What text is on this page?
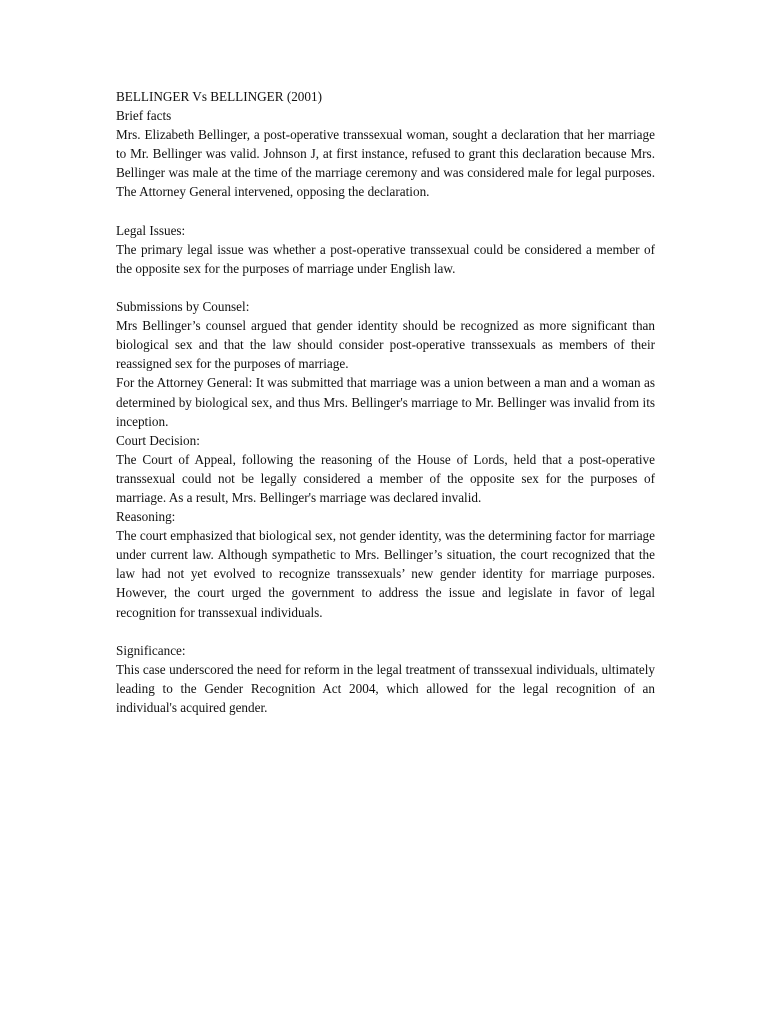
BELLINGER Vs BELLINGER (2001)

Brief facts

Mrs. Elizabeth Bellinger, a post-operative transsexual woman, sought a declaration that her marriage to Mr. Bellinger was valid. Johnson J, at first instance, refused to grant this declaration because Mrs. Bellinger was male at the time of the marriage ceremony and was considered male for legal purposes. The Attorney General intervened, opposing the declaration.

Legal Issues:

The primary legal issue was whether a post-operative transsexual could be considered a member of the opposite sex for the purposes of marriage under English law.

Submissions by Counsel:

Mrs Bellinger’s counsel argued that gender identity should be recognized as more significant than biological sex and that the law should consider post-operative transsexuals as members of their reassigned sex for the purposes of marriage.

For the Attorney General: It was submitted that marriage was a union between a man and a woman as determined by biological sex, and thus Mrs. Bellinger's marriage to Mr. Bellinger was invalid from its inception.

Court Decision:

The Court of Appeal, following the reasoning of the House of Lords, held that a post-operative transsexual could not be legally considered a member of the opposite sex for the purposes of marriage. As a result, Mrs. Bellinger's marriage was declared invalid.

Reasoning:

The court emphasized that biological sex, not gender identity, was the determining factor for marriage under current law. Although sympathetic to Mrs. Bellinger’s situation, the court recognized that the law had not yet evolved to recognize transsexuals’ new gender identity for marriage purposes. However, the court urged the government to address the issue and legislate in favor of legal recognition for transsexual individuals.

Significance:

This case underscored the need for reform in the legal treatment of transsexual individuals, ultimately leading to the Gender Recognition Act 2004, which allowed for the legal recognition of an individual's acquired gender.
